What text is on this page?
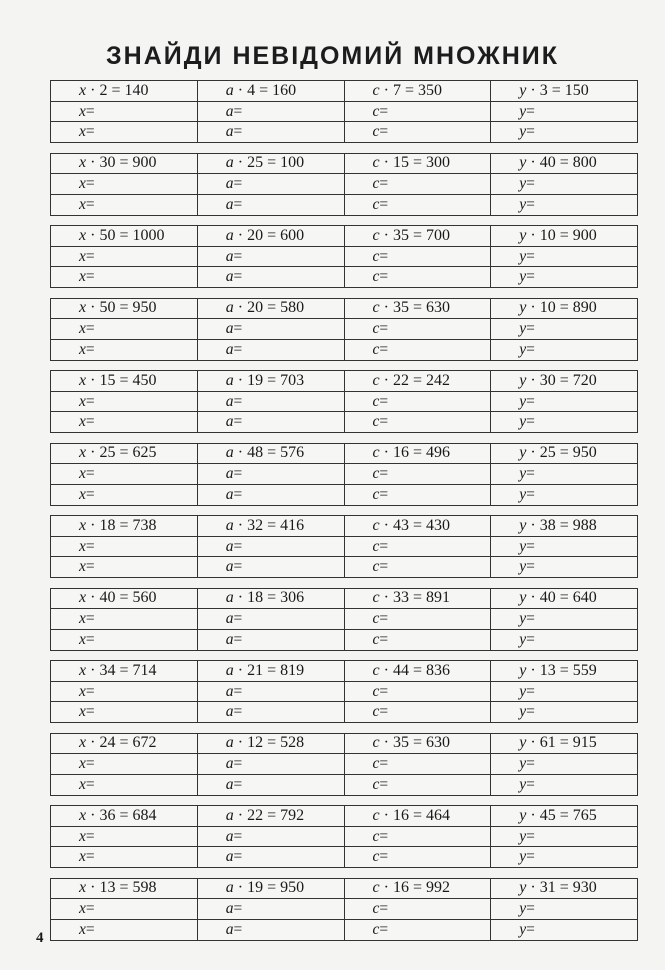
ЗНАЙДИ НЕВІДОМИЙ МНОЖНИК
x
· 2 = 140
x =
x =
a
· 4 = 160
a =
a =
c
· 7 = 350
c =
c =
y
· 3 = 150
y =
y =
x
· 30 = 900
x =
x =
a
· 25 = 100
a =
a =
c
· 15 = 300
c =
c =
y
· 40 = 800
y =
y =
x
· 50 = 1000
x =
x =
a
· 20 = 600
a =
a =
c
· 35 = 700
c =
c =
y
· 10 = 900
y =
y =
x
· 50 = 950
x =
x =
a
· 20 = 580
a =
a =
c
· 35 = 630
c =
c =
y
· 10 = 890
y =
y =
x
· 15 = 450
x =
x =
a
· 19 = 703
a =
a =
c
· 22 = 242
c =
c =
y
· 30 = 720
y =
y =
x
· 25 = 625
x =
x =
a
· 48 = 576
a =
a =
c
· 16 = 496
c =
c =
y
· 25 = 950
y =
y =
x
· 18 = 738
x =
x =
a
· 32 = 416
a =
a =
c
· 43 = 430
c =
c =
y
· 38 = 988
y =
y =
x
· 40 = 560
x =
x =
a
· 18 = 306
a =
a =
c
· 33 = 891
c =
c =
y
· 40 = 640
y =
y =
x
· 34 = 714
x =
x =
a
· 21 = 819
a =
a =
c
· 44 = 836
c =
c =
y
· 13 = 559
y =
y =
x
· 24 = 672
x =
x =
a
· 12 = 528
a =
a =
c
· 35 = 630
c =
c =
y
· 61 = 915
y =
y =
x
· 36 = 684
x =
x =
a
· 22 = 792
a =
a =
c
· 16 = 464
c =
c =
y
· 45 = 765
y =
y =
x
· 13 = 598
x =
x =
a
· 19 = 950
a =
a =
c
· 16 = 992
c =
c =
y
· 31 = 930
y =
y =
4
